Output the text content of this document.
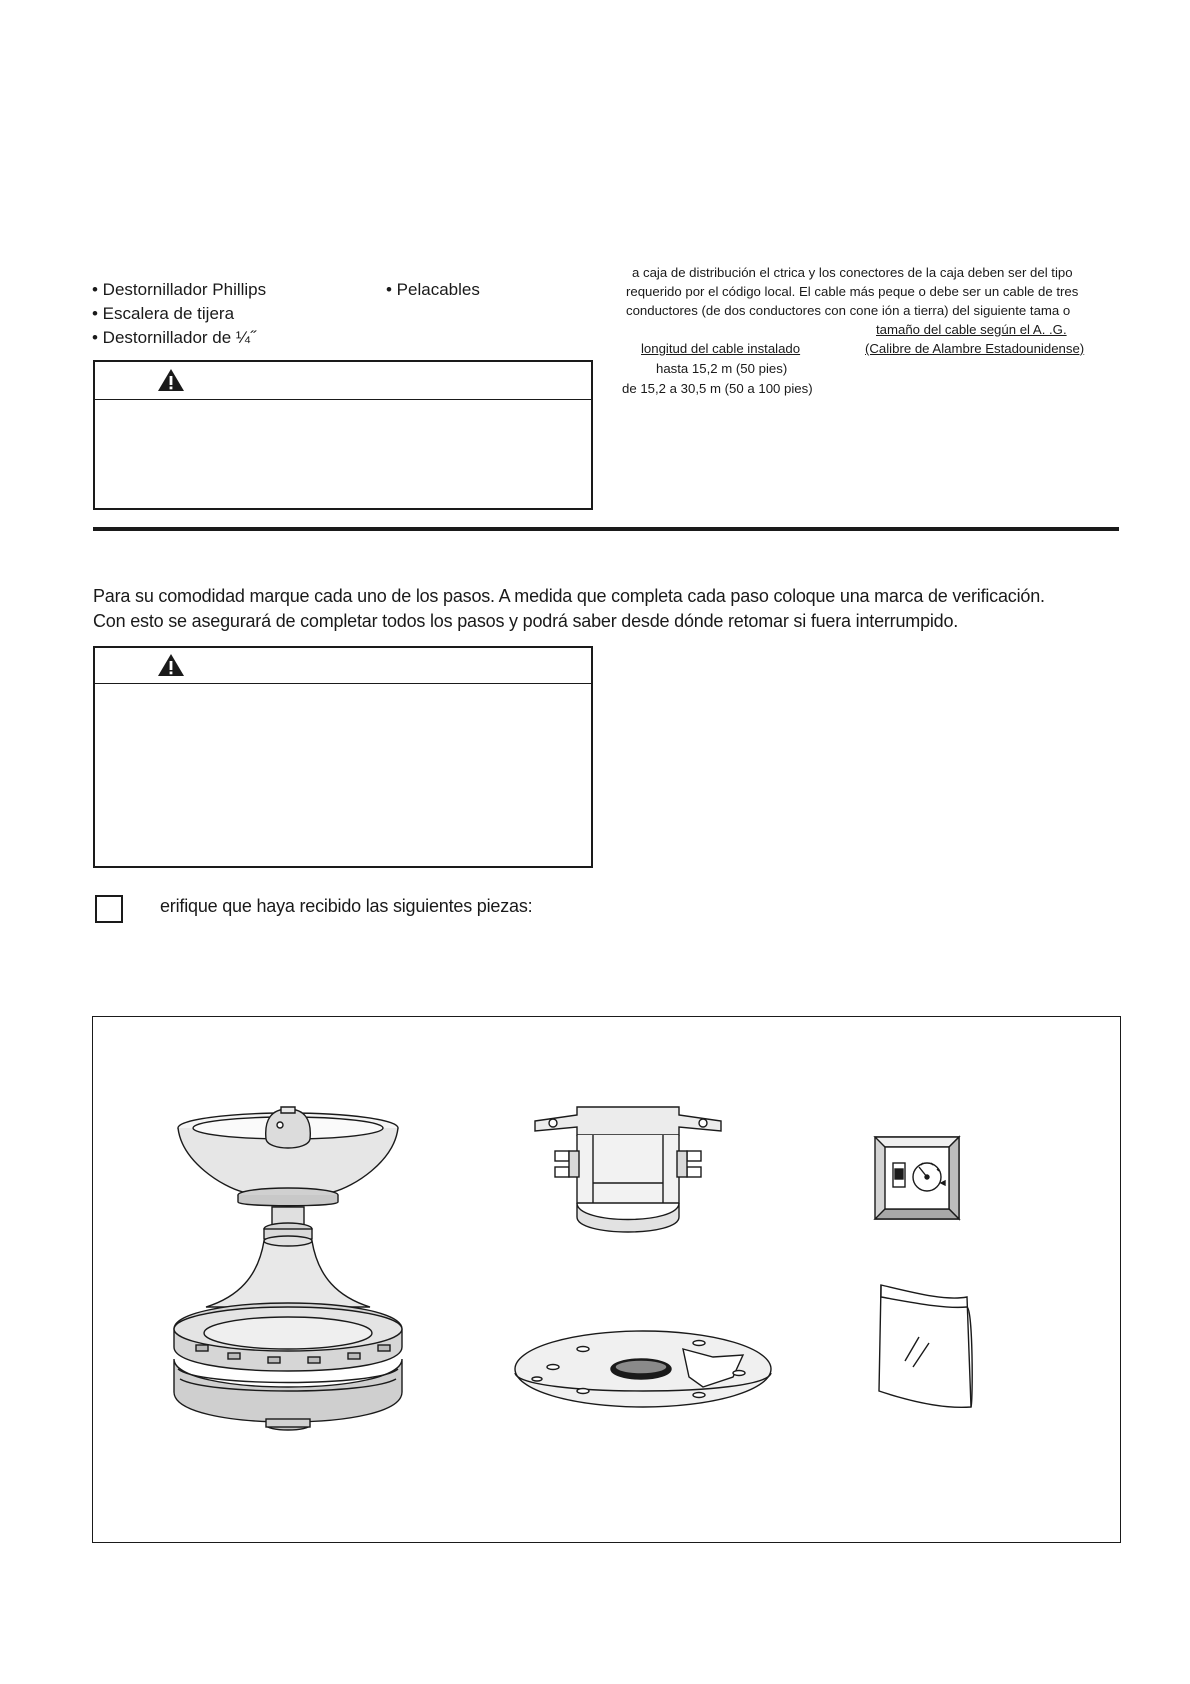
• Destornillador Phillips
• Escalera de tijera
• Destornillador de ¼˝
• Pelacables
a caja de distribución el ctrica y los conectores de la caja deben ser del tipo
requerido por el código local. El cable más peque o debe ser un cable de tres
conductores (de dos conductores con cone ión a tierra) del siguiente tama o
tamaño del cable según el A. .G.
longitud del cable instalado	(Calibre de Alambre Estadounidense)
hasta 15,2 m (50 pies)
de 15,2 a 30,5 m (50 a 100 pies)
Para su comodidad marque cada uno de los pasos. A medida que completa cada paso coloque una marca de verificación.
Con esto se asegurará de completar todos los pasos y podrá saber desde dónde retomar si fuera interrumpido.
erifique que haya recibido las siguientes piezas:
